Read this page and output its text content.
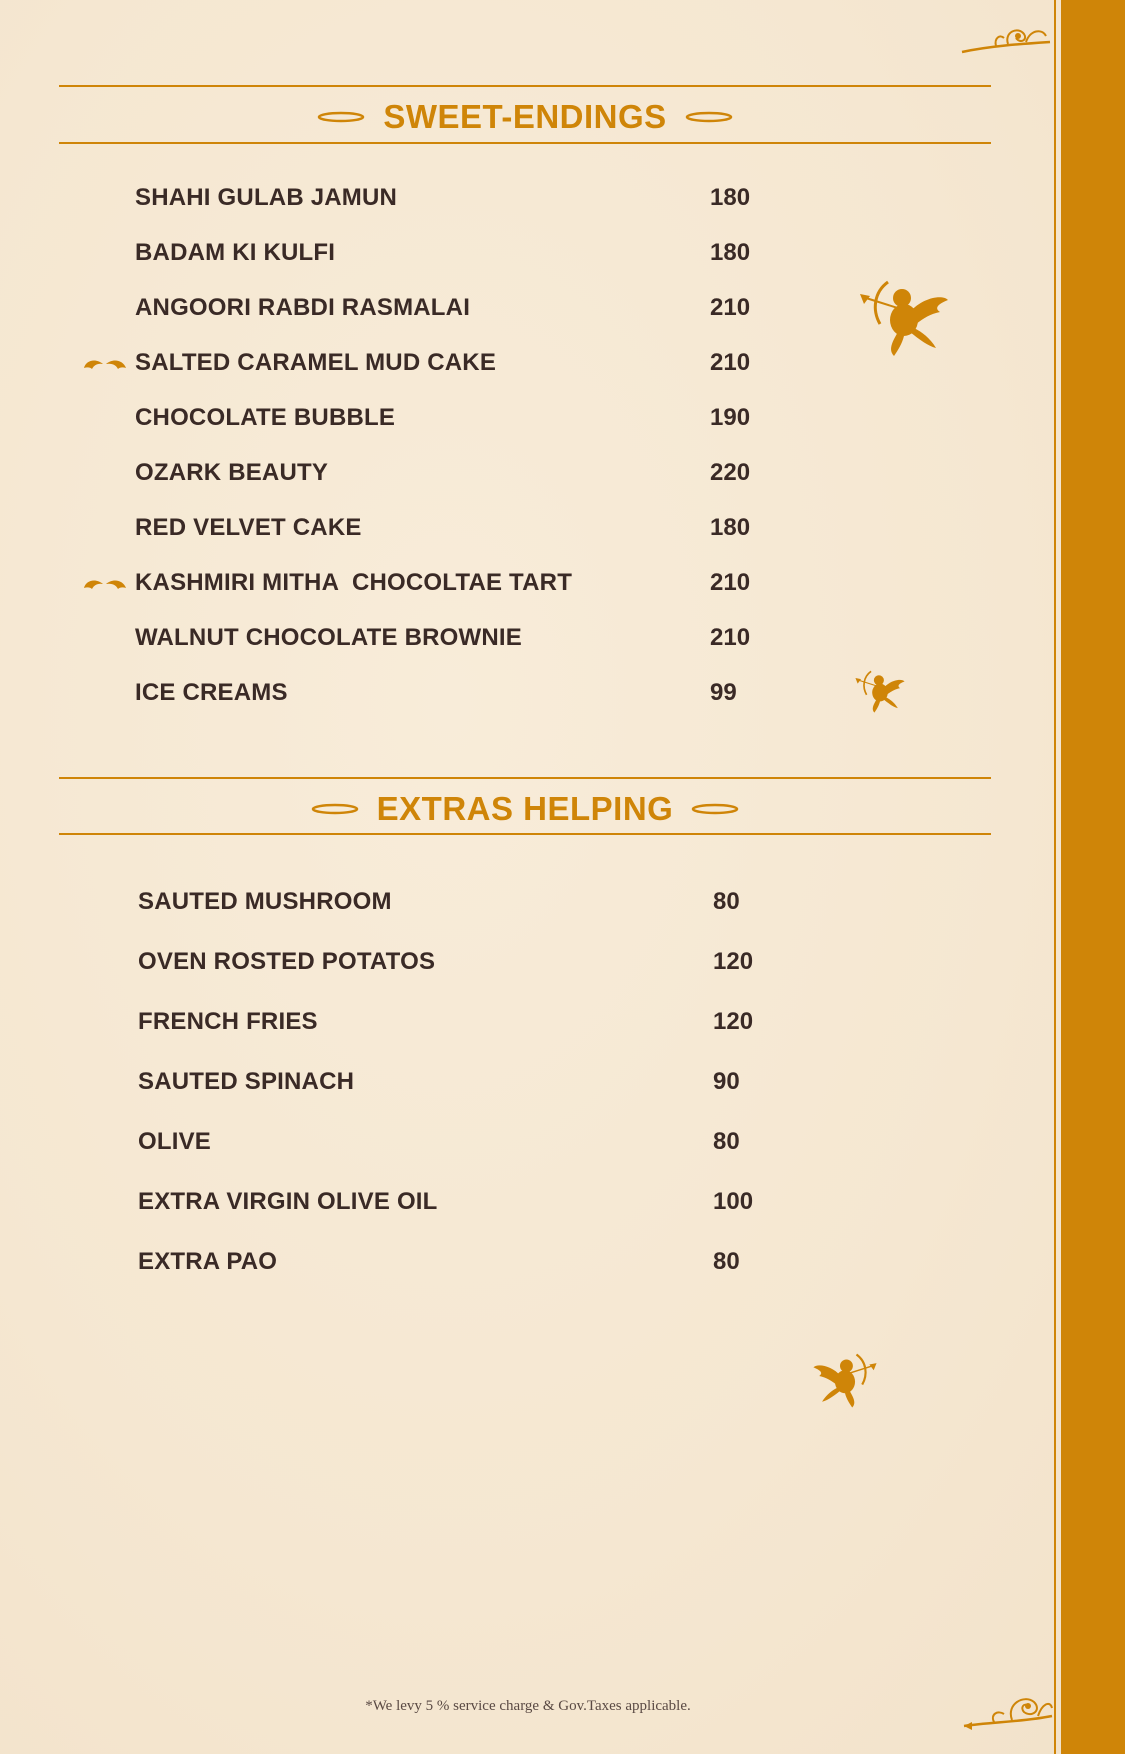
SWEET-ENDINGS
SHAHI GULAB JAMUN	180
BADAM KI KULFI	180
ANGOORI RABDI RASMALAI	210
SALTED CARAMEL MUD CAKE	210
CHOCOLATE BUBBLE	190
OZARK BEAUTY	220
RED VELVET CAKE	180
KASHMIRI MITHA  CHOCOLTAE TART	210
WALNUT CHOCOLATE BROWNIE	210
ICE CREAMS	99
EXTRAS HELPING
SAUTED MUSHROOM	80
OVEN ROSTED POTATOS	120
FRENCH FRIES	120
SAUTED SPINACH	90
OLIVE	80
EXTRA VIRGIN OLIVE OIL	100
EXTRA PAO	80
*We levy 5 % service charge & Gov.Taxes applicable.
